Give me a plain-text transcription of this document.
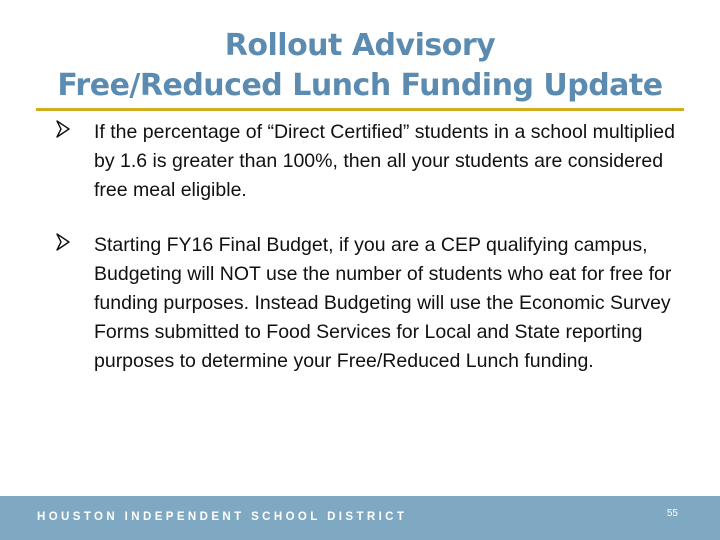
Rollout Advisory
Free/Reduced Lunch Funding Update
If the percentage of “Direct Certified” students in a school multiplied by 1.6 is greater than 100%, then all your students are considered free meal eligible.
Starting FY16 Final Budget, if you are a CEP qualifying campus, Budgeting will NOT use the number of students who eat for free for funding purposes. Instead Budgeting will use the Economic Survey Forms submitted to Food Services for Local and State reporting purposes to determine your Free/Reduced Lunch funding.
HOUSTON INDEPENDENT SCHOOL DISTRICT	55
